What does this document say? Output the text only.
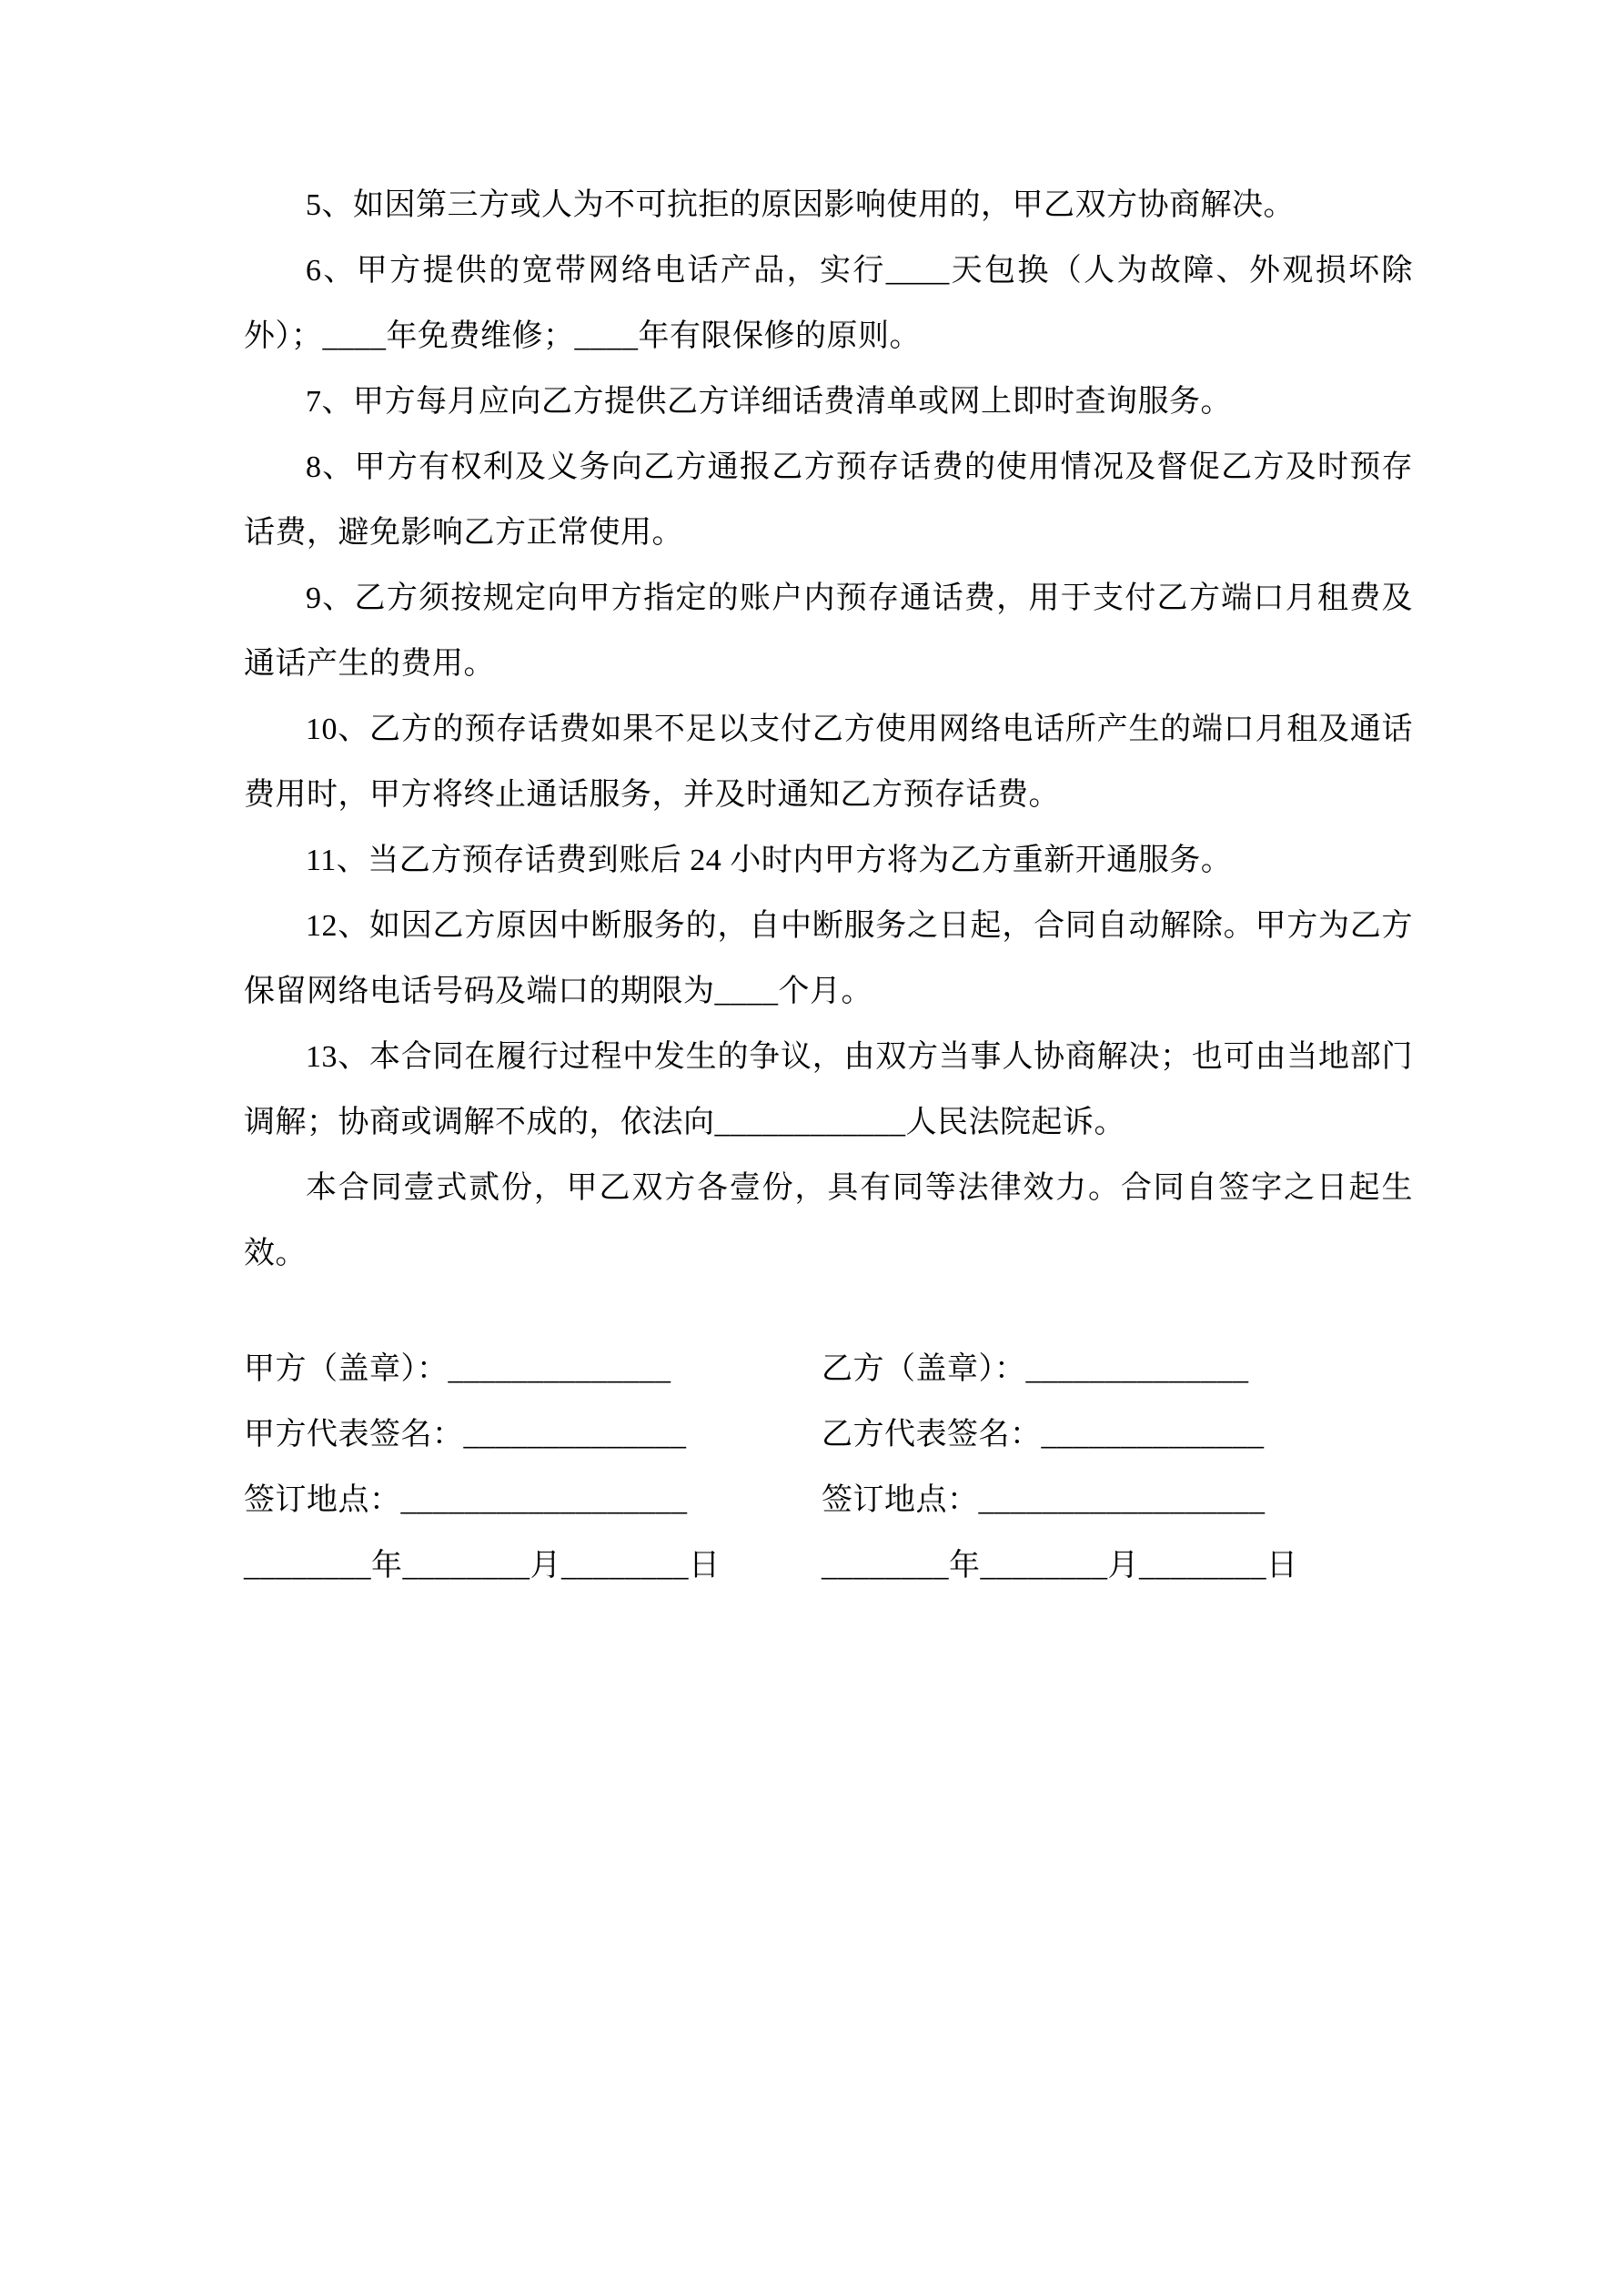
5、如因第三方或人为不可抗拒的原因影响使用的，甲乙双方协商解决。

6、甲方提供的宽带网络电话产品，实行____天包换（人为故障、外观损坏除外）；____年免费维修；____年有限保修的原则。

7、甲方每月应向乙方提供乙方详细话费清单或网上即时查询服务。

8、甲方有权利及义务向乙方通报乙方预存话费的使用情况及督促乙方及时预存话费，避免影响乙方正常使用。

9、乙方须按规定向甲方指定的账户内预存通话费，用于支付乙方端口月租费及通话产生的费用。

10、乙方的预存话费如果不足以支付乙方使用网络电话所产生的端口月租及通话费用时，甲方将终止通话服务，并及时通知乙方预存话费。

11、当乙方预存话费到账后 24 小时内甲方将为乙方重新开通服务。

12、如因乙方原因中断服务的，自中断服务之日起，合同自动解除。甲方为乙方保留网络电话号码及端口的期限为____个月。

13、本合同在履行过程中发生的争议，由双方当事人协商解决；也可由当地部门调解；协商或调解不成的，依法向____________人民法院起诉。

本合同壹式贰份，甲乙双方各壹份，具有同等法律效力。合同自签字之日起生效。

甲方（盖章）：______________	乙方（盖章）：______________
甲方代表签名：______________	乙方代表签名：______________
签订地点：__________________	签订地点：__________________
________年________月________日	________年________月________日
